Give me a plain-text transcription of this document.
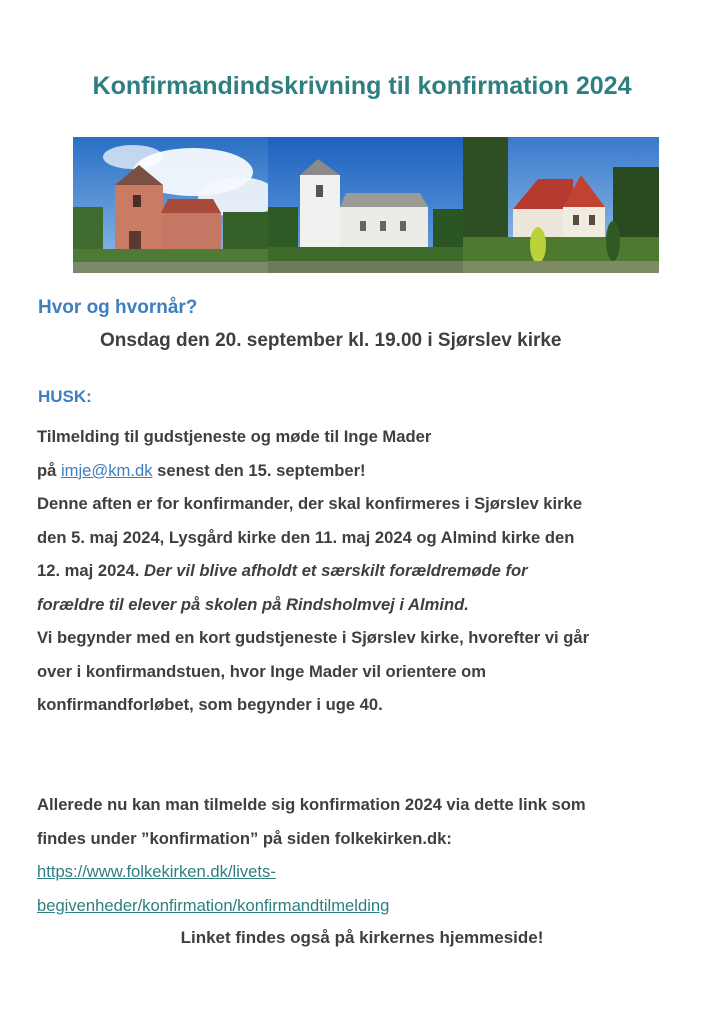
Konfirmandindskrivning til konfirmation 2024
Hvor og hvornår?

Onsdag den 20. september kl. 19.00 i Sjørslev kirke

HUSK:
Tilmelding til gudstjeneste og møde til Inge Mader
på imje@km.dk senest den 15. september!
Denne aften er for konfirmander, der skal konfirmeres i Sjørslev kirke
den 5. maj 2024, Lysgård kirke den 11. maj 2024 og Almind kirke den
12. maj 2024. Der vil blive afholdt et særskilt forældremøde for
forældre til elever på skolen på Rindsholmvej i Almind.
Vi begynder med en kort gudstjeneste i Sjørslev kirke, hvorefter vi går
over i konfirmandstuen, hvor Inge Mader vil orientere om
konfirmandforløbet, som begynder i uge 40.
Allerede nu kan man tilmelde sig konfirmation 2024 via dette link som
findes under ”konfirmation” på siden folkekirken.dk:
https://www.folkekirken.dk/livets-
begivenheder/konfirmation/konfirmandtilmelding

Linket findes også på kirkernes hjemmeside!
